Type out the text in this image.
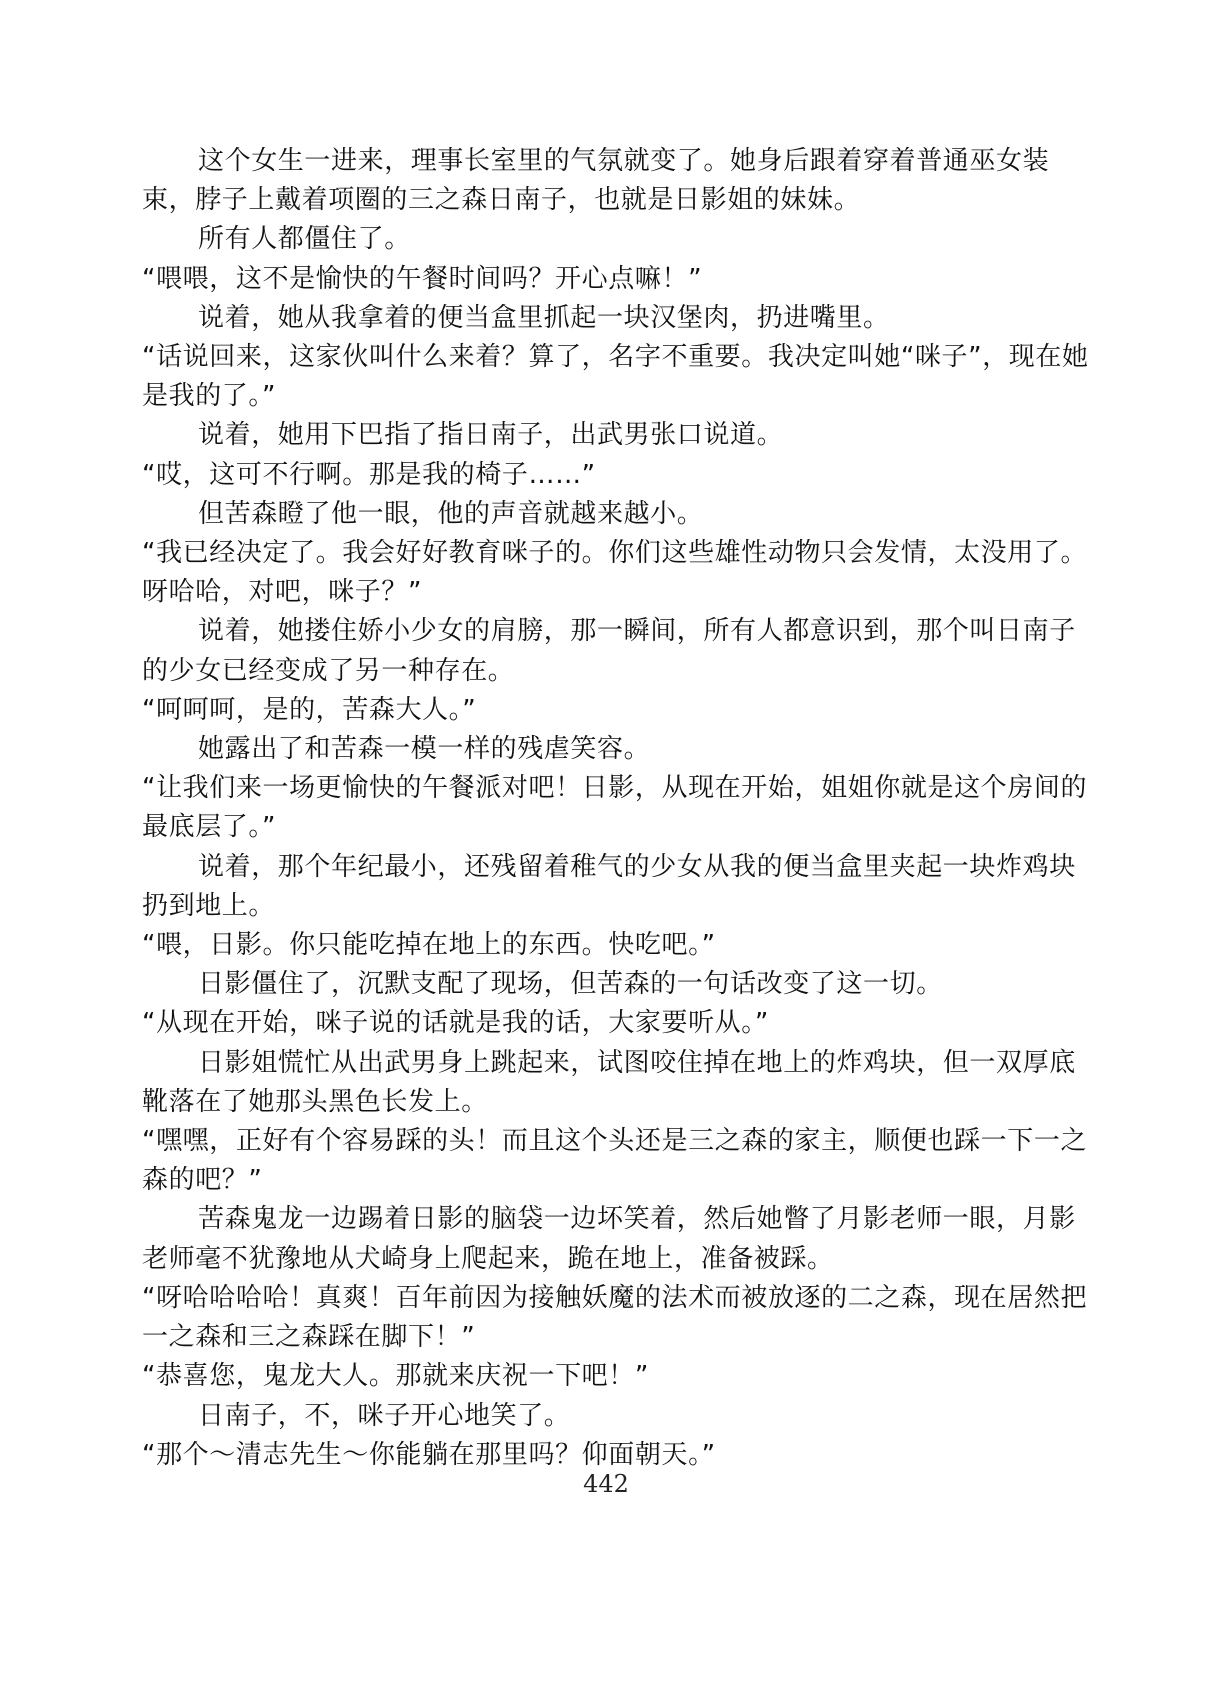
这个女生一进来，理事长室里的气氛就变了。她身后跟着穿着普通巫女装束，脖子上戴着项圈的三之森日南子，也就是日影姐的妹妹。

所有人都僵住了。

“喂喂，这不是愉快的午餐时间吗？开心点嘛！”

说着，她从我拿着的便当盒里抓起一块汉堡肉，扔进嘴里。

“话说回来，这家伙叫什么来着？算了，名字不重要。我决定叫她“咪子”，现在她是我的了。”

说着，她用下巴指了指日南子，出武男张口说道。

“哎，这可不行啊。那是我的椅子……”

但苦森瞪了他一眼，他的声音就越来越小。

“我已经决定了。我会好好教育咪子的。你们这些雄性动物只会发情，太没用了。呀哈哈，对吧，咪子？”

说着，她搂住娇小少女的肩膀，那一瞬间，所有人都意识到，那个叫日南子的少女已经变成了另一种存在。

“呵呵呵，是的，苦森大人。”

她露出了和苦森一模一样的残虐笑容。

“让我们来一场更愉快的午餐派对吧！日影，从现在开始，姐姐你就是这个房间的最底层了。”

说着，那个年纪最小，还残留着稚气的少女从我的便当盒里夹起一块炸鸡块扔到地上。

“喂，日影。你只能吃掉在地上的东西。快吃吧。”

日影僵住了，沉默支配了现场，但苦森的一句话改变了这一切。

“从现在开始，咪子说的话就是我的话，大家要听从。”

日影姐慌忙从出武男身上跳起来，试图咬住掉在地上的炸鸡块，但一双厚底靴落在了她那头黑色长发上。

“嘿嘿，正好有个容易踩的头！而且这个头还是三之森的家主，顺便也踩一下一之森的吧？”

苦森鬼龙一边踢着日影的脑袋一边坏笑着，然后她瞥了月影老师一眼，月影老师毫不犹豫地从犬崎身上爬起来，跪在地上，准备被踩。

“呀哈哈哈哈！真爽！百年前因为接触妖魔的法术而被放逐的二之森，现在居然把一之森和三之森踩在脚下！”

“恭喜您，鬼龙大人。那就来庆祝一下吧！”

日南子，不，咪子开心地笑了。

“那个～清志先生～你能躺在那里吗？仰面朝天。”

442
